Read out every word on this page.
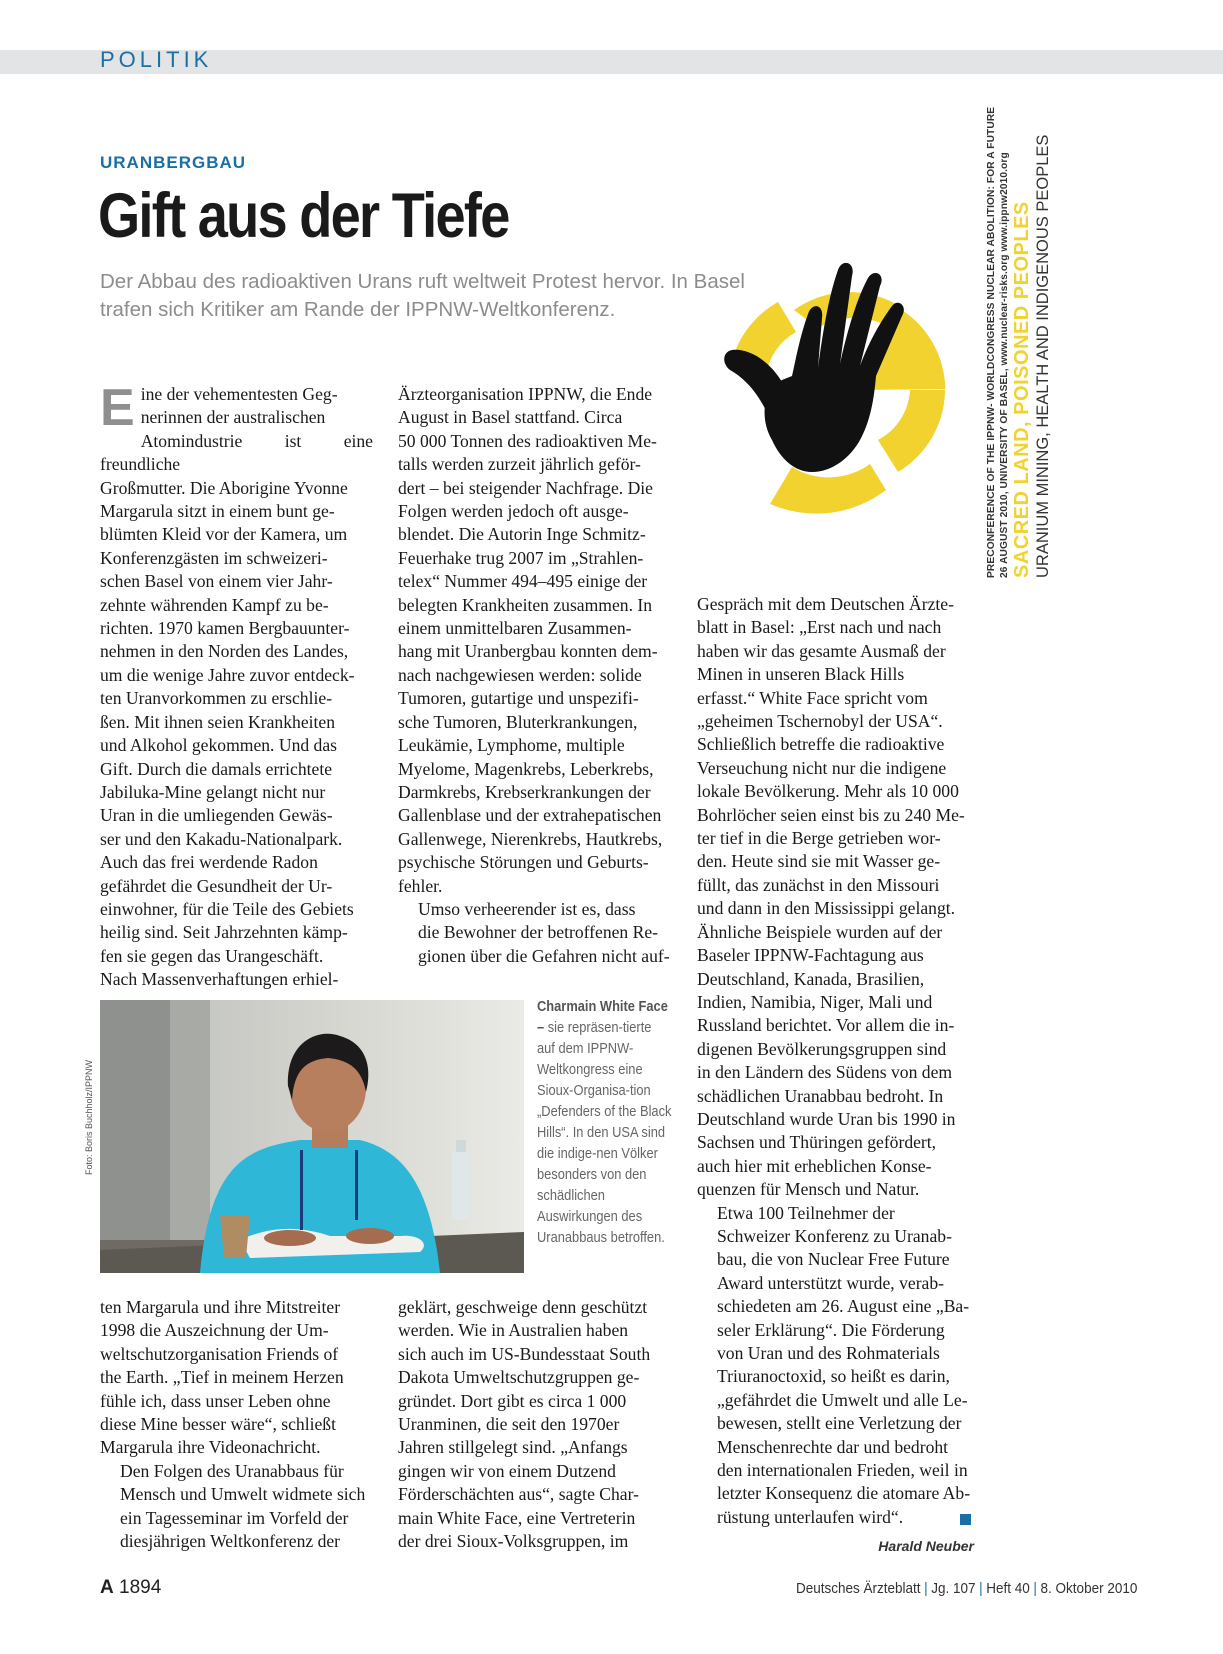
POLITIK
URANBERGBAU
Gift aus der Tiefe
Der Abbau des radioaktiven Urans ruft weltweit Protest hervor. In Basel trafen sich Kritiker am Rande der IPPNW-Weltkonferenz.	PRECONFERENCE OF THE IPPNW- WORLDCONGRESS NUCLEAR ABOLITION: FOR A FUTURE 26 AUGUST 2010, UNIVERSITY OF BASEL, www.nuclear-risks.org www.ippnw2010.org SACRED LAND, POISONED PEOPLES URANIUM MINING, HEALTH AND INDIGENOUS PEOPLES
E ine der vehementesten Geg-
nerinnen der australischen
Atomindustrie ist eine freundliche
Großmutter. Die Aborigine Yvonne
Margarula sitzt in einem bunt ge-
blümten Kleid vor der Kamera, um
Konferenzgästen im schweizeri-
schen Basel von einem vier Jahr-
zehnte währenden Kampf zu be-
richten. 1970 kamen Bergbauunter-
nehmen in den Norden des Landes,
um die wenige Jahre zuvor entdeck-
ten Uranvorkommen zu erschlie-
ßen. Mit ihnen seien Krankheiten
und Alkohol gekommen. Und das
Gift. Durch die damals errichtete
Jabiluka-Mine gelangt nicht nur
Uran in die umliegenden Gewäs-
ser und den Kakadu-Nationalpark.
Auch das frei werdende Radon
gefährdet die Gesundheit der Ur-
einwohner, für die Teile des Gebiets
heilig sind. Seit Jahrzehnten kämp-
fen sie gegen das Urangeschäft.
Nach Massenverhaftungen erhiel-

Ärzteorganisation IPPNW, die Ende
August in Basel stattfand. Circa
50 000 Tonnen des radioaktiven Me-
talls werden zurzeit jährlich geför-
dert – bei steigender Nachfrage. Die
Folgen werden jedoch oft ausge-
blendet. Die Autorin Inge Schmitz-
Feuerhake trug 2007 im „Strahlen-
telex“ Nummer 494–495 einige der
belegten Krankheiten zusammen. In
einem unmittelbaren Zusammen-
hang mit Uranbergbau konnten dem-
nach nachgewiesen werden: solide
Tumoren, gutartige und unspezifi-
sche Tumoren, Bluterkrankungen,
Leukämie, Lymphome, multiple
Myelome, Magenkrebs, Leberkrebs,
Darmkrebs, Krebserkrankungen der
Gallenblase und der extrahepatischen
Gallenwege, Nierenkrebs, Hautkrebs,
psychische Störungen und Geburts-
fehler.

Umso verheerender ist es, dass
die Bewohner der betroffenen Re-
gionen über die Gefahren nicht auf-

Foto: Boris Buchholz/IPPNW
Charmain White Face – sie repräsen-​tierte auf dem IPPNW-Weltkongress eine Sioux-Organisa-​tion „Defenders of the Black Hills“. In den USA sind die indige-​nen Völker besonders von den schädlichen Auswirkungen des Uranabbaus betroffen.

ten Margarula und ihre Mitstreiter
1998 die Auszeichnung der Um-
weltschutzorganisation Friends of
the Earth. „Tief in meinem Herzen
fühle ich, dass unser Leben ohne
diese Mine besser wäre“, schließt
Margarula ihre Videonachricht.

Den Folgen des Uranabbaus für
Mensch und Umwelt widmete sich
ein Tagesseminar im Vorfeld der
diesjährigen Weltkonferenz der

geklärt, geschweige denn geschützt
werden. Wie in Australien haben
sich auch im US-Bundesstaat South
Dakota Umweltschutzgruppen ge-
gründet. Dort gibt es circa 1 000
Uranminen, die seit den 1970er
Jahren stillgelegt sind. „Anfangs
gingen wir von einem Dutzend
Förderschächten aus“, sagte Char-
main White Face, eine Vertreterin
der drei Sioux-Volksgruppen, im

Gespräch mit dem Deutschen Ärzte-
blatt in Basel: „Erst nach und nach
haben wir das gesamte Ausmaß der
Minen in unseren Black Hills
erfasst.“ White Face spricht vom
„geheimen Tschernobyl der USA“.
Schließlich betreffe die radioaktive
Verseuchung nicht nur die indigene
lokale Bevölkerung. Mehr als 10 000
Bohrlöcher seien einst bis zu 240 Me-
ter tief in die Berge getrieben wor-
den. Heute sind sie mit Wasser ge-
füllt, das zunächst in den Missouri
und dann in den Mississippi gelangt.
Ähnliche Beispiele wurden auf der
Baseler IPPNW-Fachtagung aus
Deutschland, Kanada, Brasilien,
Indien, Namibia, Niger, Mali und
Russland berichtet. Vor allem die in-
digenen Bevölkerungsgruppen sind
in den Ländern des Südens von dem
schädlichen Uranabbau bedroht. In
Deutschland wurde Uran bis 1990 in
Sachsen und Thüringen gefördert,
auch hier mit erheblichen Konse-
quenzen für Mensch und Natur.

Etwa 100 Teilnehmer der
Schweizer Konferenz zu Uranab-
bau, die von Nuclear Free Future
Award unterstützt wurde, verab-
schiedeten am 26. August eine „Ba-
seler Erklärung“. Die Förderung
von Uran und des Rohmaterials
Triuranoctoxid, so heißt es darin,
„gefährdet die Umwelt und alle Le-
bewesen, stellt eine Verletzung der
Menschenrechte dar und bedroht
den internationalen Frieden, weil in
letzter Konsequenz die atomare Ab-
rüstung unterlaufen wird“.

Harald Neuber
A 1894	Deutsches Ärzteblatt | Jg. 107 | Heft 40 | 8. Oktober 2010
